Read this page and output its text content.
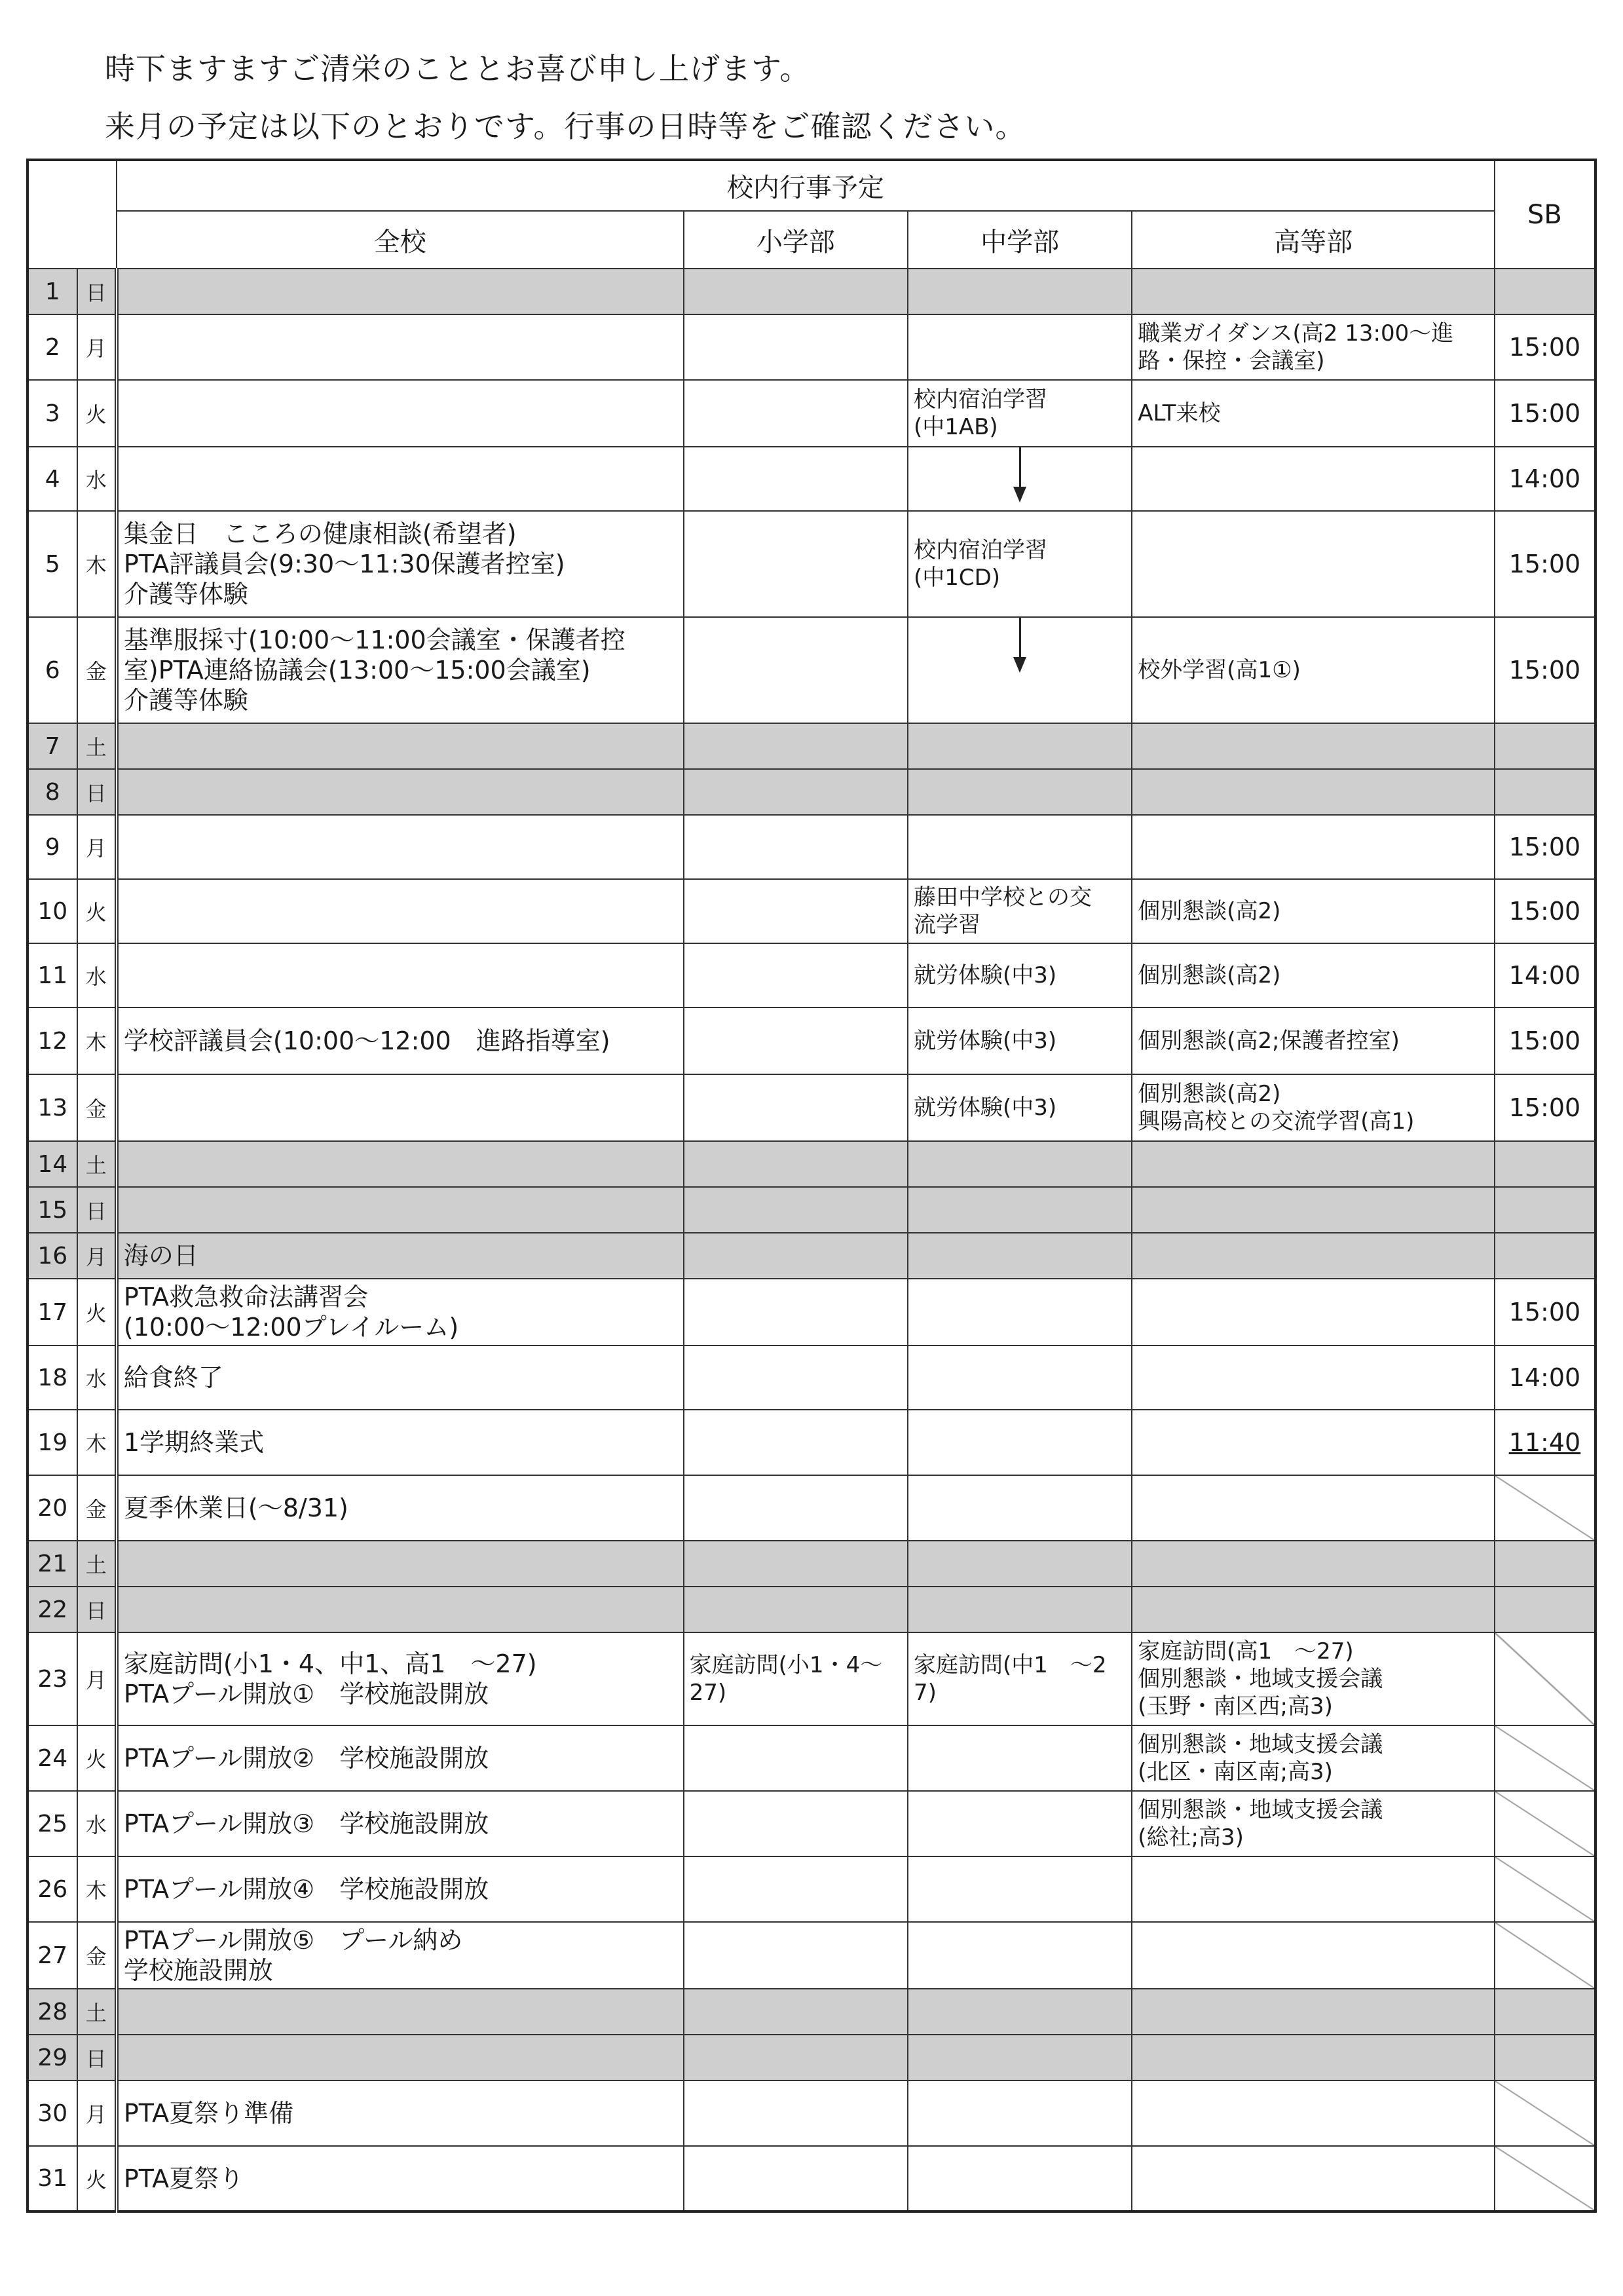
時下ますますご清栄のこととお喜び申し上げます。
来月の予定は以下のとおりです。行事の日時等をご確認ください。
		校内行事予定				SB
		全校	小学部	中学部	高等部	
1	日					
2	月				職業ガイダンス(高2 13:00〜進
路・保控・会議室)	15:00
3	火			校内宿泊学習
(中1AB)	ALT来校	15:00
4	水					14:00
5	木	集金日　こころの健康相談(希望者)
PTA評議員会(9:30〜11:30保護者控室)
介護等体験		校内宿泊学習
(中1CD)		15:00
6	金	基準服採寸(10:00〜11:00会議室・保護者控
室)PTA連絡協議会(13:00〜15:00会議室)
介護等体験			校外学習(高1①)	15:00
7	土					
8	日					
9	月					15:00
10	火			藤田中学校との交
流学習	個別懇談(高2)	15:00
11	水			就労体験(中3)	個別懇談(高2)	14:00
12	木	学校評議員会(10:00〜12:00　進路指導室)		就労体験(中3)	個別懇談(高2;保護者控室)	15:00
13	金			就労体験(中3)	個別懇談(高2)
興陽高校との交流学習(高1)	15:00
14	土					
15	日					
16	月	海の日				
17	火	PTA救急救命法講習会
(10:00〜12:00プレイルーム)				15:00
18	水	給食終了				14:00
19	木	1学期終業式				11:40
20	金	夏季休業日(〜8/31)				
21	土					
22	日					
23	月	家庭訪問(小1・4、中1、高1　〜27)
PTAプール開放①　学校施設開放	家庭訪問(小1・4〜
27)	家庭訪問(中1　〜2
7)	家庭訪問(高1　〜27)
個別懇談・地域支援会議
(玉野・南区西;高3)	
24	火	PTAプール開放②　学校施設開放			個別懇談・地域支援会議
(北区・南区南;高3)	
25	水	PTAプール開放③　学校施設開放			個別懇談・地域支援会議
(総社;高3)	
26	木	PTAプール開放④　学校施設開放				
27	金	PTAプール開放⑤　プール納め
学校施設開放				
28	土					
29	日					
30	月	PTA夏祭り準備				
31	火	PTA夏祭り				
